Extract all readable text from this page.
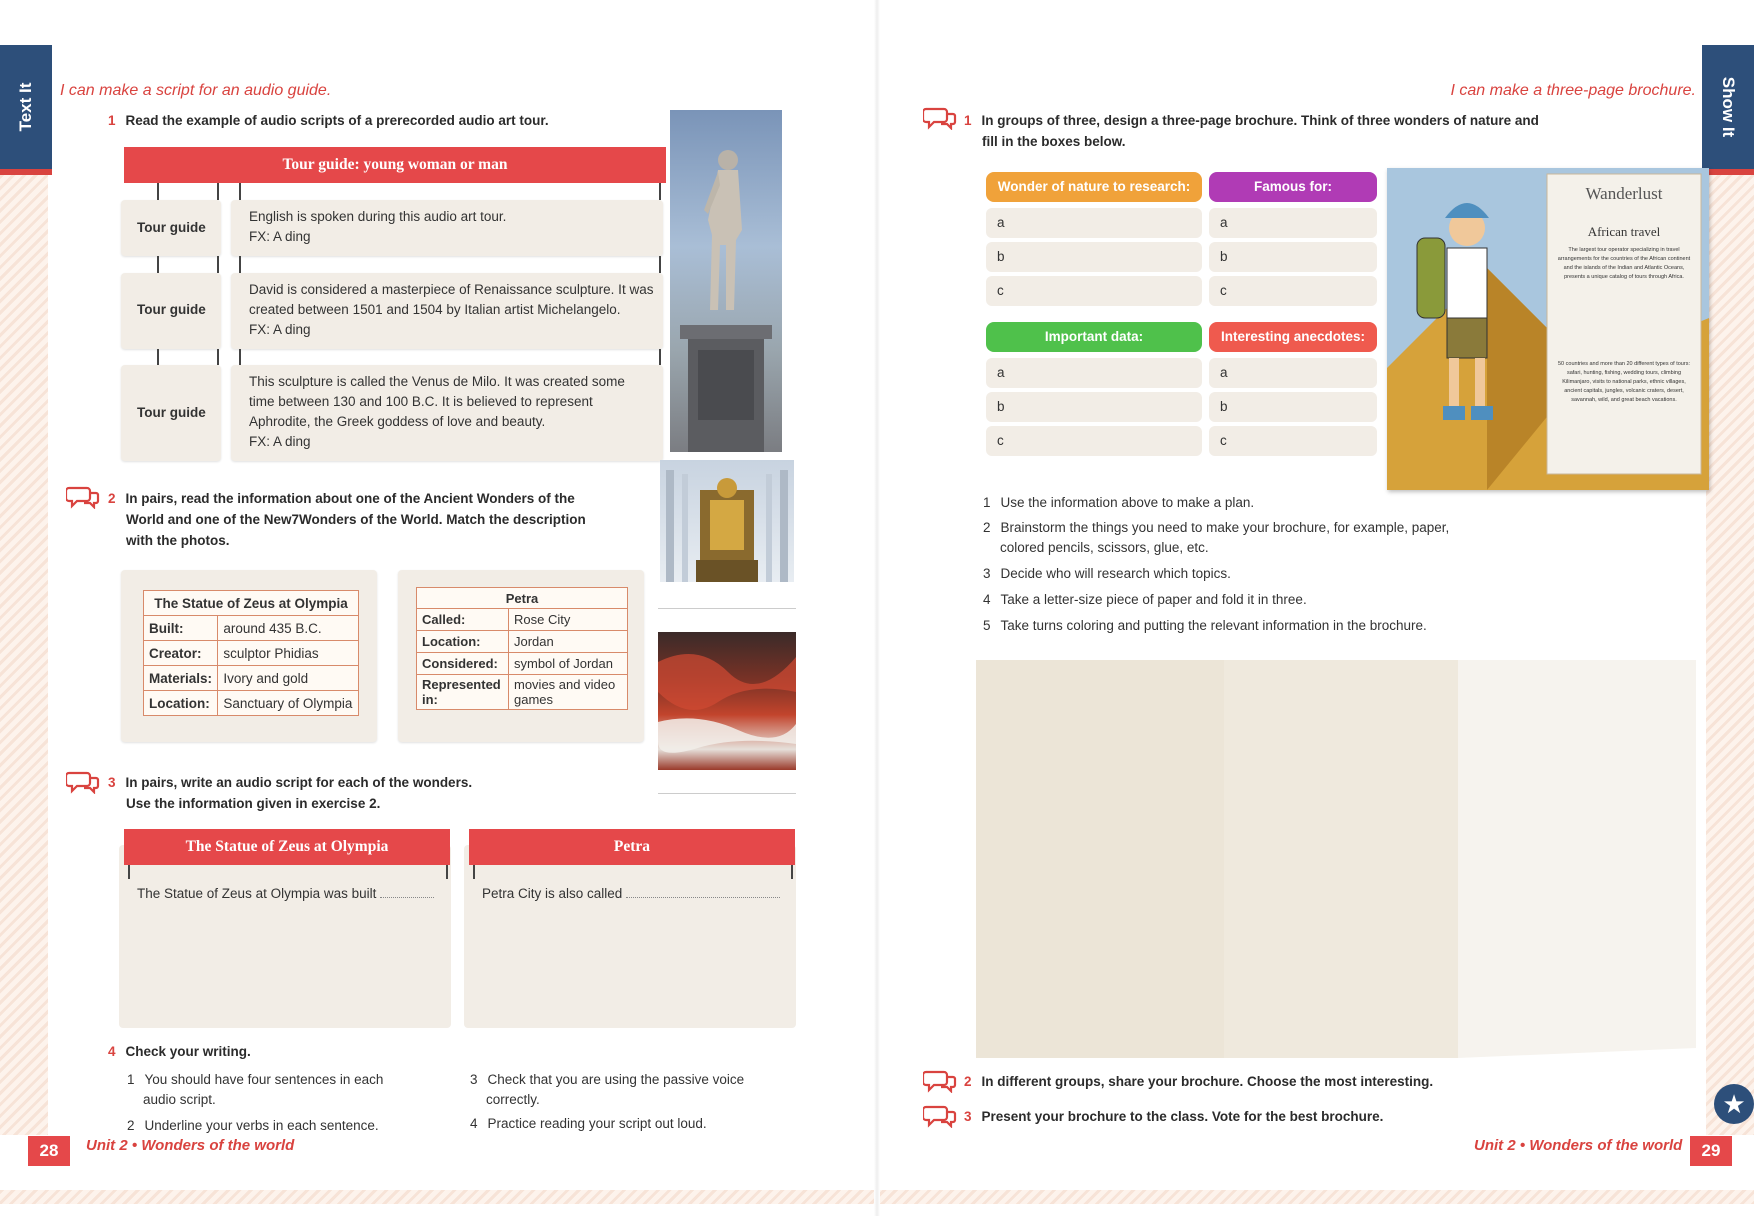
Text It	Show It
I can make a script for an audio guide.
1 Read the example of audio scripts of a prerecorded audio art tour.
Tour guide: young woman or man
Tour guide
English is spoken during this audio art tour.
FX: A ding
Tour guide
David is considered a masterpiece of Renaissance sculpture. It was
created between 1501 and 1504 by Italian artist Michelangelo.
FX: A ding
Tour guide
This sculpture is called the Venus de Milo. It was created some
time between 130 and 100 B.C. It is believed to represent
Aphrodite, the Greek goddess of love and beauty.
FX: A ding
2 In pairs, read the information about one of the Ancient Wonders of the
World and one of the New7Wonders of the World. Match the description
with the photos.
The Statue of Zeus at Olympia	
Built:	around 435 B.C.
Creator:	sculptor Phidias
Materials:	Ivory and gold
Location:	Sanctuary of Olympia
Petra	
Called:	Rose City
Location:	Jordan
Considered:	symbol of Jordan
Represented in:	movies and video games
3 In pairs, write an audio script for each of the wonders.
Use the information given in exercise 2.
The Statue of Zeus at Olympia
The Statue of Zeus at Olympia was built
Petra
Petra City is also called
4 Check your writing.
1 You should have four sentences in each
audio script.
2 Underline your verbs in each sentence.
3 Check that you are using the passive voice
correctly.
4 Practice reading your script out loud.
28	Unit 2 • Wonders of the world
I can make a three-page brochure.
1 In groups of three, design a three-page brochure. Think of three wonders of nature and
fill in the boxes below.
Wonder of nature to research:	Famous for:
a	a
b	b
c	c
Important data:	Interesting anecdotes:
a	a
b	b
c	c
Wanderlust
African travel
The largest tour operator specializing in travel arrangements for the countries of the African continent and the islands of the Indian and Atlantic Oceans, presents a unique catalog of tours through Africa.
50 countries and more than 20 different types of tours: safari, hunting, fishing, wedding tours, climbing Kilimanjaro, visits to national parks, ethnic villages, ancient capitals, jungles, volcanic craters, desert, savannah, wild, and great beach vacations.
1 Use the information above to make a plan.
2 Brainstorm the things you need to make your brochure, for example, paper,
colored pencils, scissors, glue, etc.
3 Decide who will research which topics.
4 Take a letter-size piece of paper and fold it in three.
5 Take turns coloring and putting the relevant information in the brochure.
2 In different groups, share your brochure. Choose the most interesting.
3 Present your brochure to the class. Vote for the best brochure.	★
Unit 2 • Wonders of the world	29
